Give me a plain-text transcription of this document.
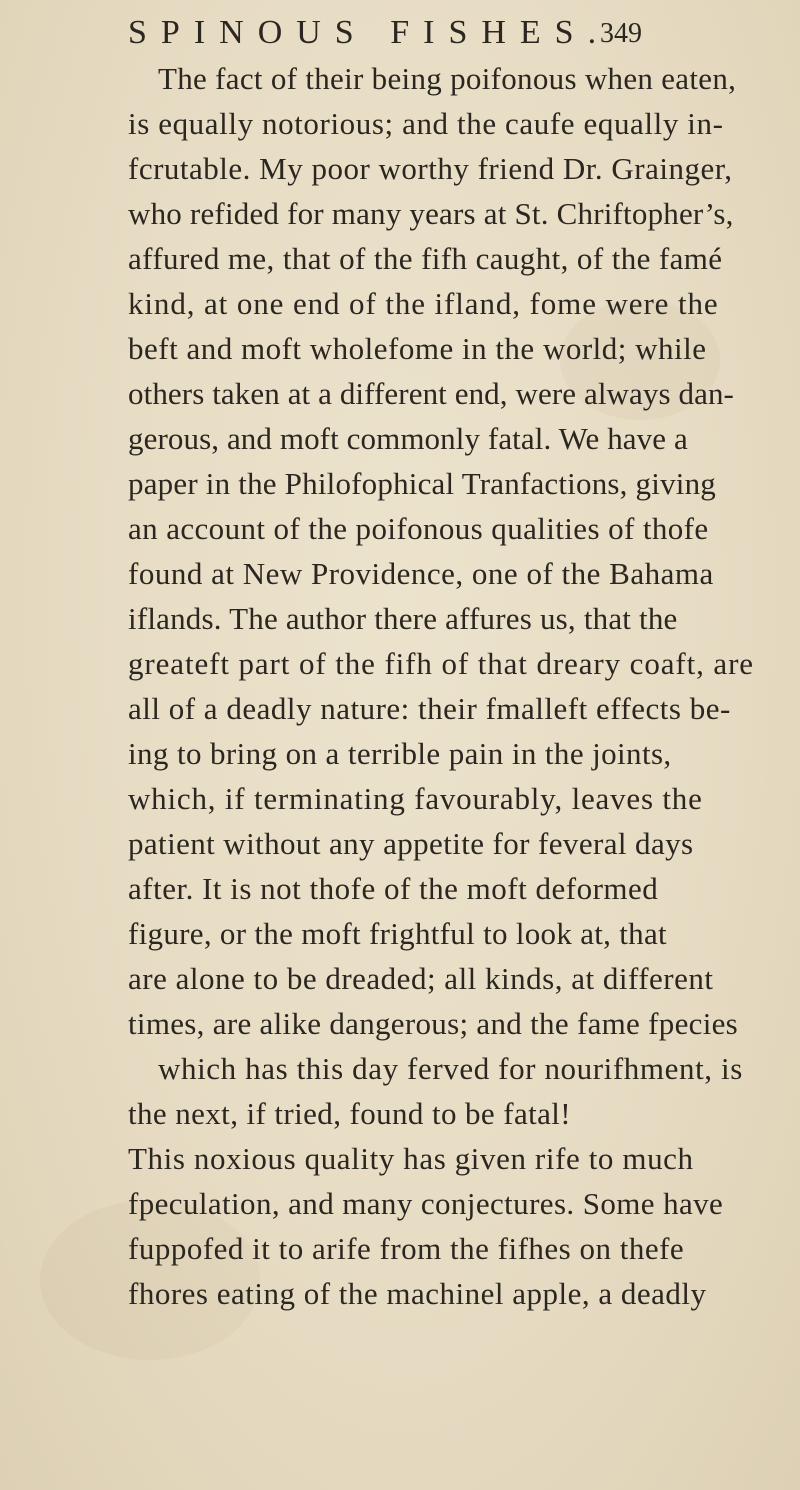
SPINOUS FISHES.
349
The fact of their being poifonous when eaten,
is equally notorious; and the caufe equally in-
fcrutable. My poor worthy friend Dr. Grainger,
who refided for many years at St. Chriftopher’s,
affured me, that of the fifh caught, of the famé
kind, at one end of the ifland, fome were the
beft and moft wholefome in the world; while
others taken at a different end, were always dan-
gerous, and moft commonly fatal. We have a
paper in the Philofophical Tranfactions, giving
an account of the poifonous qualities of thofe
found at New Providence, one of the Bahama
iflands. The author there affures us, that the
greateft part of the fifh of that dreary coaft, are
all of a deadly nature: their fmalleft effects be-
ing to bring on a terrible pain in the joints,
which, if terminating favourably, leaves the
patient without any appetite for feveral days
after. It is not thofe of the moft deformed
figure, or the moft frightful to look at, that
are alone to be dreaded; all kinds, at different
times, are alike dangerous; and the fame fpecies
which has this day ferved for nourifhment, is
the next, if tried, found to be fatal!
This noxious quality has given rife to much
fpeculation, and many conjectures. Some have
fuppofed it to arife from the fifhes on thefe
fhores eating of the machinel apple, a deadly
